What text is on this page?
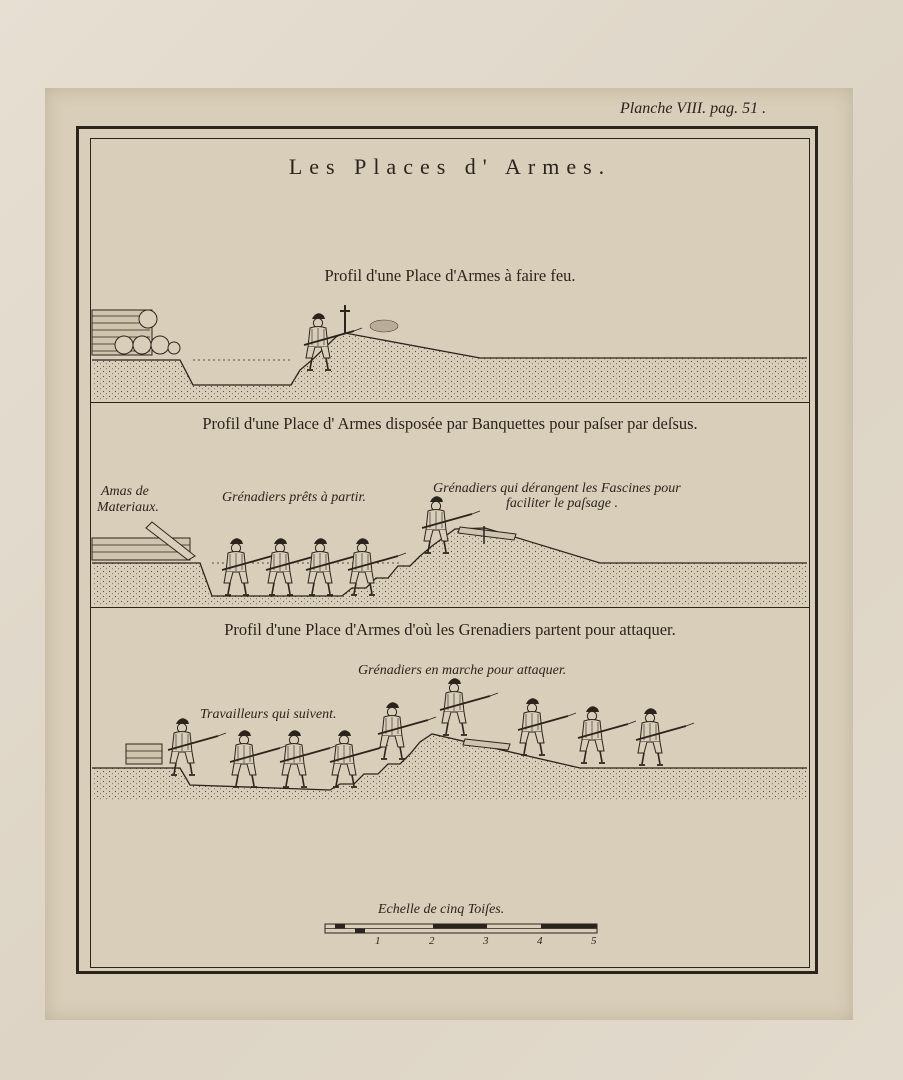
Planche VIII. pag. 51 .
Les Places d' Armes.
Profil d'une Place d'Armes à faire feu.
Profil d'une Place d' Armes disposée par Banquettes pour paſser par deſsus.
Profil d'une Place d'Armes d'où les Grenadiers partent pour attaquer.
Amas de
Materiaux.
Grénadiers prêts à partir.
Grénadiers qui dérangent les Fascines pour
faciliter le paſsage .
Grénadiers en marche pour attaquer.
Travailleurs qui suivent.
Echelle de cinq Toiſes.
1	2	3	4	5
